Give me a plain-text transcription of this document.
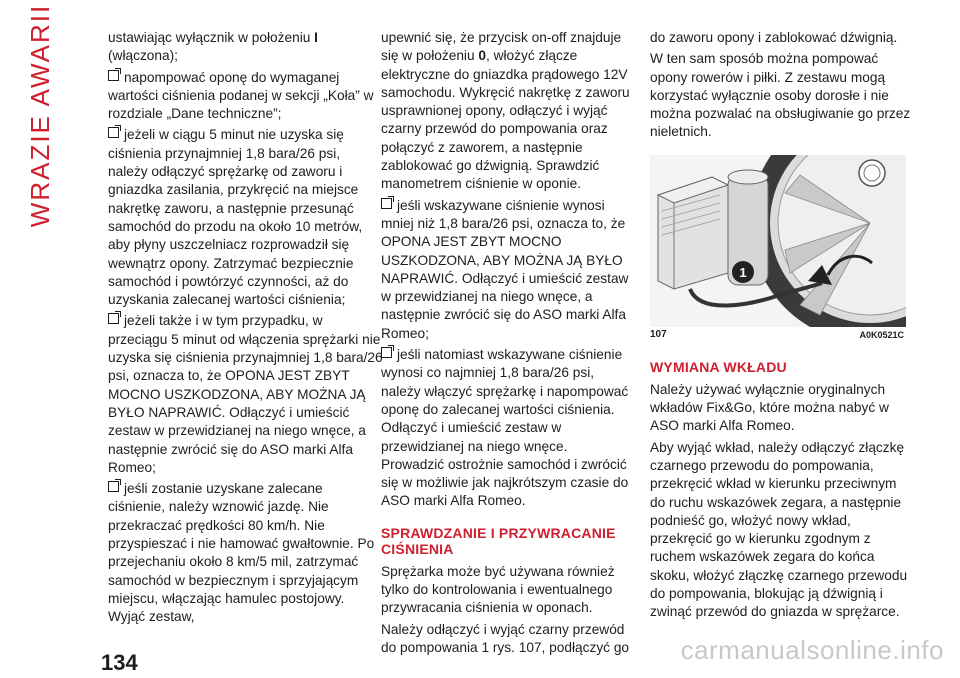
WRAZIE AWARII	ustawiając wyłącznik w położeniu I (włączona);

napompować oponę do wymaganej wartości ciśnienia podanej w sekcji „Koła” w rozdziale „Dane techniczne”;

jeżeli w ciągu 5 minut nie uzyska się ciśnienia przynajmniej 1,8 bara/26 psi, należy odłączyć sprężarkę od zaworu i gniazdka zasilania, przykręcić na miejsce nakrętkę zaworu, a następnie przesunąć samochód do przodu na około 10 metrów, aby płyny uszczelniacz rozprowadził się wewnątrz opony. Zatrzymać bezpiecznie samochód i powtórzyć czynności, aż do uzyskania zalecanej wartości ciśnienia;

jeżeli także i w tym przypadku, w przeciągu 5 minut od włączenia sprężarki nie uzyska się ciśnienia przynajmniej 1,8 bara/26 psi, oznacza to, że OPONA JEST ZBYT MOCNO USZKODZONA, ABY MOŻNA JĄ BYŁO NAPRAWIĆ. Odłączyć i umieścić zestaw w przewidzianej na niego wnęce, a następnie zwrócić się do ASO marki Alfa Romeo;

jeśli zostanie uzyskane zalecane ciśnienie, należy wznowić jazdę. Nie przekraczać prędkości 80 km/h. Nie przyspieszać i nie hamować gwałtownie. Po przejechaniu około 8 km/5 mil, zatrzymać samochód w bezpiecznym i sprzyjającym miejscu, włączając hamulec postojowy. Wyjąć zestaw,

upewnić się, że przycisk on-off znajduje się w położeniu 0, włożyć złącze elektryczne do gniazdka prądowego 12V samochodu. Wykręcić nakrętkę z zaworu usprawnionej opony, odłączyć i wyjąć czarny przewód do pompowania oraz połączyć z zaworem, a następnie zablokować go dźwignią. Sprawdzić manometrem ciśnienie w oponie.

jeśli wskazywane ciśnienie wynosi mniej niż 1,8 bara/26 psi, oznacza to, że OPONA JEST ZBYT MOCNO USZKODZONA, ABY MOŻNA JĄ BYŁO NAPRAWIĆ. Odłączyć i umieścić zestaw w przewidzianej na niego wnęce, a następnie zwrócić się do ASO marki Alfa Romeo;

jeśli natomiast wskazywane ciśnienie wynosi co najmniej 1,8 bara/26 psi, należy włączyć sprężarkę i napompować oponę do zalecanej wartości ciśnienia. Odłączyć i umieścić zestaw w przewidzianej na niego wnęce. Prowadzić ostrożnie samochód i zwrócić się w możliwie jak najkrótszym czasie do ASO marki Alfa Romeo.

SPRAWDZANIE I PRZYWRACANIE CIŚNIENIA

Sprężarka może być używana również tylko do kontrolowania i ewentualnego przywracania ciśnienia w oponach.

Należy odłączyć i wyjąć czarny przewód do pompowania 1 rys. 107, podłączyć go

do zaworu opony i zablokować dźwignią.

W ten sam sposób można pompować opony rowerów i piłki. Z zestawu mogą korzystać wyłącznie osoby dorosłe i nie można pozwalać na obsługiwanie go przez nieletnich.

1
107	A0K0521C
WYMIANA WKŁADU

Należy używać wyłącznie oryginalnych wkładów Fix&Go, które można nabyć w ASO marki Alfa Romeo.

Aby wyjąć wkład, należy odłączyć złączkę czarnego przewodu do pompowania, przekręcić wkład w kierunku przeciwnym do ruchu wskazówek zegara, a następnie podnieść go, włożyć nowy wkład, przekręcić go w kierunku zgodnym z ruchem wskazówek zegara do końca skoku, włożyć złączkę czarnego przewodu do pompowania, blokując ją dźwignią i zwinąć przewód do gniazda w sprężarce.

134	carmanualsonline.info
